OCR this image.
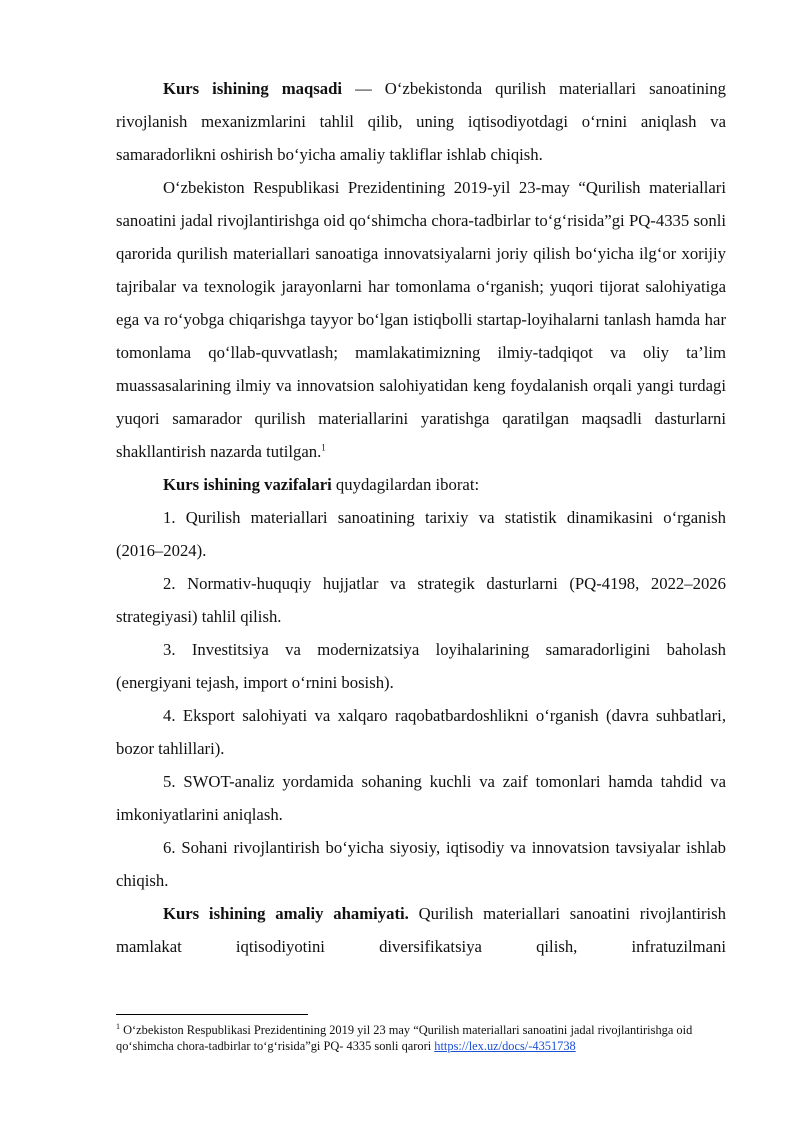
Kurs ishining maqsadi — O‘zbekistonda qurilish materiallari sanoatining rivojlanish mexanizmlarini tahlil qilib, uning iqtisodiyotdagi o‘rnini aniqlash va samaradorlikni oshirish bo‘yicha amaliy takliflar ishlab chiqish.

O‘zbekiston Respublikasi Prezidentining 2019-yil 23-may “Qurilish materiallari sanoatini jadal rivojlantirishga oid qo‘shimcha chora-tadbirlar to‘g‘risida”gi PQ-4335 sonli qarorida qurilish materiallari sanoatiga innovatsiyalarni joriy qilish bo‘yicha ilg‘or xorijiy tajribalar va texnologik jarayonlarni har tomonlama o‘rganish; yuqori tijorat salohiyatiga ega va ro‘yobga chiqarishga tayyor bo‘lgan istiqbolli startap-loyihalarni tanlash hamda har tomonlama qo‘llab-quvvatlash; mamlakatimizning ilmiy-tadqiqot va oliy ta’lim muassasalarining ilmiy va innovatsion salohiyatidan keng foydalanish orqali yangi turdagi yuqori samarador qurilish materiallarini yaratishga qaratilgan maqsadli dasturlarni shakllantirish nazarda tutilgan.$^1$

Kurs ishining vazifalari quydagilardan iborat:

1. Qurilish materiallari sanoatining tarixiy va statistik dinamikasini o‘rganish (2016–2024).

2. Normativ-huquqiy hujjatlar va strategik dasturlarni (PQ-4198, 2022–2026 strategiyasi) tahlil qilish.

3. Investitsiya va modernizatsiya loyihalarining samaradorligini baholash (energiyani tejash, import o‘rnini bosish).

4. Eksport salohiyati va xalqaro raqobatbardoshlikni o‘rganish (davra suhbatlari, bozor tahlillari).

5. SWOT-analiz yordamida sohaning kuchli va zaif tomonlari hamda tahdid va imkoniyatlarini aniqlash.

6. Sohani rivojlantirish bo‘yicha siyosiy, iqtisodiy va innovatsion tavsiyalar ishlab chiqish.

Kurs ishining amaliy ahamiyati. Qurilish materiallari sanoatini rivojlantirish mamlakat iqtisodiyotini diversifikatsiya qilish, infratuzilmani

$^1$ O‘zbekiston Respublikasi Prezidentining 2019 yil 23 may “Qurilish materiallari sanoatini jadal rivojlantirishga oid qo‘shimcha chora-tadbirlar to‘g‘risida”gi PQ- 4335 sonli qarori https://lex.uz/docs/-4351738
